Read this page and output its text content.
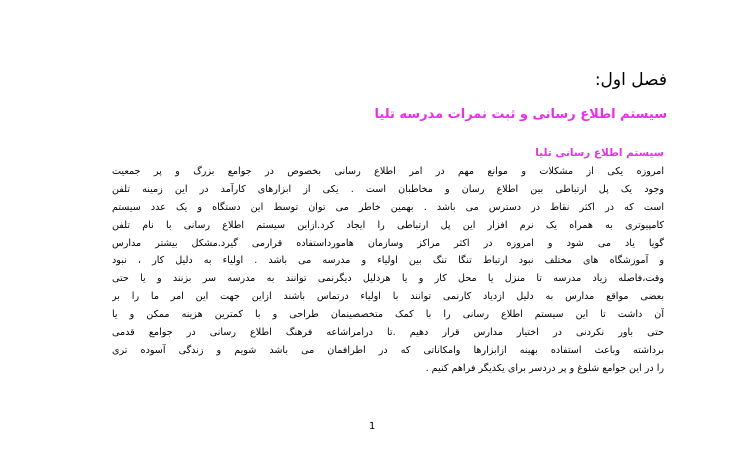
فصل اول:
سیستم اطلاع رسانی و ثبت نمرات مدرسه تلیا
سیستم اطلاع رسانی تلیا
امروزه یکی از مشکلات و موانع مهم در امر اطلاع رسانی بخصوص در جوامع بزرگ و پر جمعیت
وجود یک پل ارتباطی بین اطلاع رسان و مخاطبان است . یکی از ابزارهای کارآمد در این زمینه تلفن
است که در اکثر نقاط در دسترس می باشد . بهمین خاطر می توان توسط این دستگاه و یک عدد سیستم
کامپیوتری به همراه یک نرم افزار این پل ارتباطی را ایجاد کرد.ازاین سیستم اطلاع رسانی با نام تلفن
گویا یاد می شود و امروزه در اکثر مراکز وسازمان هامورداستفاده قرارمی گیرد.مشکل بیشتر مدارس
و آموزشگاه های مختلف نبود ارتباط تنگا تنگ بین اولیاء و مدرسه می باشد . اولیاء به دلیل کار ، نبود
وقت،فاصله زیاد مدرسه تا منزل یا محل کار و یا هردلیل دیگرنمی توانند به مدرسه سر بزنند و یا حتی
بعضی مواقع مدارس به دلیل ازدیاد کارنمی توانند با اولیاء درتماس باشند ازاین جهت این امر ما را بر
آن داشت تا این سیستم اطلاع رسانی را با کمک متخصصینمان طراحی و با کمترین هزینه ممکن و یا
حتی باور نکردنی در اختیار مدارس قرار دهیم .تا درامراشاعه فرهنگ اطلاع رسانی در جوامع قدمی
برداشته وباعث استفاده بهینه ازابزارها وامکاناتی که در اطرافمان می باشد شویم و زندگی آسوده تری
را در این جوامع شلوغ و پر دردسر برای یکدیگر فراهم کنیم .
1
